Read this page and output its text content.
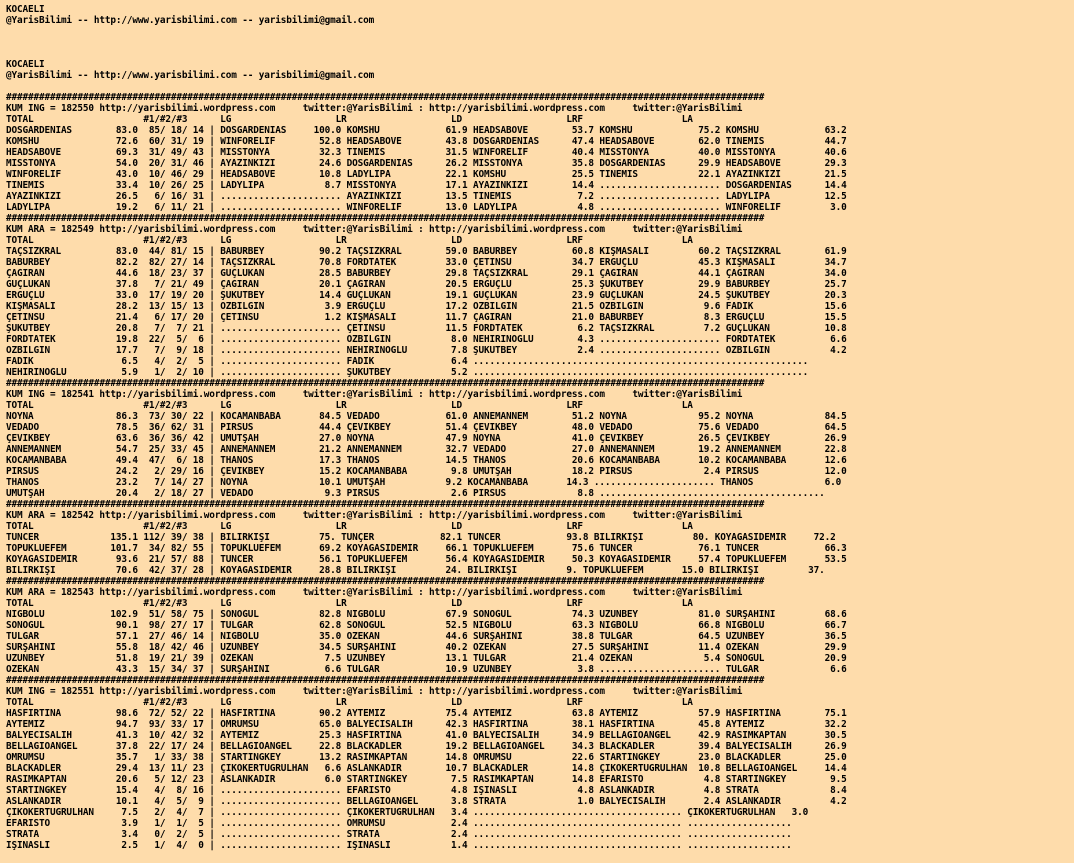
KOCAELI
@YarisBilimi -- http://www.yarisbilimi.com -- yarisbilimi@gmail.com
KOCAELI
@YarisBilimi -- http://www.yarisbilimi.com -- yarisbilimi@gmail.com
##########################################################################################################################################
KUM ING = 182550 http://yarisbilimi.wordpress.com     twitter:@YarisBilimi : http://yarisbilimi.wordpress.com     twitter:@YarisBilimi
TOTAL                    #1/#2/#3      LG                   LR                   LD                   LRF                  LA
DOSGARDENIAS        83.0  85/ 18/ 14 | DOSGARDENIAS     100.0 KOMSHU            61.9 HEADSABOVE        53.7 KOMSHU            75.2 KOMSHU            63.2
KOMSHU              72.6  60/ 31/ 19 | WINFORELIF        52.8 HEADSABOVE        43.8 DOSGARDENIAS      47.4 HEADSABOVE        62.0 TINEMIS           44.7
HEADSABOVE          69.3  31/ 49/ 43 | MISSTONYA         32.3 TINEMIS           31.5 WINFORELIF        40.4 MISSTONYA         40.0 MISSTONYA         40.6
MISSTONYA           54.0  20/ 31/ 46 | AYAZINKIZI        24.6 DOSGARDENIAS      26.2 MISSTONYA         35.8 DOSGARDENIAS      29.9 HEADSABOVE        29.3
WINFORELIF          43.0  10/ 46/ 29 | HEADSABOVE        10.8 LADYLIPA          22.1 KOMSHU            25.5 TINEMIS           22.1 AYAZINKIZI        21.5
TINEMIS             33.4  10/ 26/ 25 | LADYLIPA           8.7 MISSTONYA         17.1 AYAZINKIZI        14.4 ...................... DOSGARDENIAS      14.4
AYAZINKIZI          26.5   6/ 16/ 31 | ...................... AYAZINKIZI        13.5 TINEMIS            7.2 ...................... LADYLIPA          12.5
LADYLIPA            19.2   6/ 11/ 21 | ...................... WINFORELIF        13.0 LADYLIPA           4.8 ...................... WINFORELIF         3.0
##########################################################################################################################################
KUM ARA = 182549 http://yarisbilimi.wordpress.com     twitter:@YarisBilimi : http://yarisbilimi.wordpress.com     twitter:@YarisBilimi
TOTAL                    #1/#2/#3      LG                   LR                   LD                   LRF                  LA
TAÇSIZKRAL          83.0  44/ 81/ 15 | BABÜRBEY          90.2 TAÇSIZKRAL        59.0 BABÜRBEY          60.8 KIŞMASALI         60.2 TAÇSIZKRAL        61.9
BABÜRBEY            82.2  82/ 27/ 14 | TAÇSIZKRAL        70.8 FORDTATEK         33.0 ÇETİNSU           34.7 ERGÜÇLÜ           45.3 KIŞMASALI         34.7
ÇAĞIRAN             44.6  18/ 23/ 37 | GÜÇLÜKAN          28.5 BABÜRBEY          29.8 TAÇSIZKRAL        29.1 ÇAĞIRAN           44.1 ÇAĞIRAN           34.0
GÜÇLÜKAN            37.8   7/ 21/ 49 | ÇAĞIRAN           20.1 ÇAĞIRAN           20.5 ERGÜÇLÜ           25.3 ŞUKUTBEY          29.9 BABÜRBEY          25.7
ERGÜÇLÜ             33.0  17/ 19/ 20 | ŞUKUTBEY          14.4 GÜÇLÜKAN          19.1 GÜÇLÜKAN          23.9 GÜÇLÜKAN          24.5 ŞUKUTBEY          20.3
KIŞMASALI           28.2  13/ 15/ 13 | ÖZBİLGİN           3.9 ERGÜÇLÜ           17.2 ÖZBİLGİN          21.5 ÖZBİLGİN           9.6 FADİK             15.6
ÇETİNSU             21.4   6/ 17/ 20 | ÇETİNSU            1.2 KIŞMASALI         11.7 ÇAĞIRAN           21.0 BABÜRBEY           8.3 ERGÜÇLÜ           15.5
ŞUKUTBEY            20.8   7/  7/ 21 | ...................... ÇETİNSU           11.5 FORDTATEK          6.2 TAÇSIZKRAL         7.2 GÜÇLÜKAN          10.8
FORDTATEK           19.8  22/  5/  6 | ...................... ÖZBİLGİN           8.0 NEHİRİNOĞLU        4.3 ...................... FORDTATEK          6.6
ÖZBİLGİN            17.7   7/  9/ 18 | ...................... NEHİRİNOĞLU        7.8 ŞUKUTBEY           2.4 ...................... ÖZBİLGİN           4.2
FADİK                6.5   4/  2/  5 | ...................... FADİK              6.4 .............................................................
NEHİRİNOĞLU          5.9   1/  2/ 10 | ...................... ŞUKUTBEY           5.2 .............................................................
##########################################################################################################################################
KUM ING = 182541 http://yarisbilimi.wordpress.com     twitter:@YarisBilimi : http://yarisbilimi.wordpress.com     twitter:@YarisBilimi
TOTAL                    #1/#2/#3      LG                   LR                   LD                   LRF                  LA
NOYNA               86.3  73/ 30/ 22 | KOCAMANBABA       84.5 VEDADO            61.0 ANNEMANNEM        51.2 NOYNA             95.2 NOYNA             84.5
VEDADO              78.5  36/ 62/ 31 | PİRSUS            44.4 ÇEVİKBEY          51.4 ÇEVİKBEY          48.0 VEDADO            75.6 VEDADO            64.5
ÇEVİKBEY            63.6  36/ 36/ 42 | UMUTŞAH           27.0 NOYNA             47.9 NOYNA             41.0 ÇEVİKBEY          26.5 ÇEVİKBEY          26.9
ANNEMANNEM          54.7  25/ 33/ 45 | ANNEMANNEM        21.2 ANNEMANNEM        32.7 VEDADO            27.0 ANNEMANNEM        19.2 ANNEMANNEM        22.8
KOCAMANBABA         49.4  47/  6/ 18 | THANOS            17.3 THANOS            14.5 THANOS            20.6 KOCAMANBABA       10.2 KOCAMANBABA       12.6
PİRSUS              24.2   2/ 29/ 16 | ÇEVİKBEY          15.2 KOCAMANBABA        9.8 UMUTŞAH           18.2 PİRSUS             2.4 PİRSUS            12.0
THANOS              23.2   7/ 14/ 27 | NOYNA             10.1 UMUTŞAH           9.2 KOCAMANBABA       14.3 ...................... THANOS             6.0
UMUTŞAH             20.4   2/ 18/ 27 | VEDADO             9.3 PİRSUS             2.6 PİRSUS             8.8 .........................................
##########################################################################################################################################
KUM ARA = 182542 http://yarisbilimi.wordpress.com     twitter:@YarisBilimi : http://yarisbilimi.wordpress.com     twitter:@YarisBilimi
TOTAL                    #1/#2/#3      LG                   LR                   LD                   LRF                  LA
TUNCER             135.1 112/ 39/ 38 | BİLİRKİŞİ         75. TUNÇER            82.1 TUNCER            93.8 BİLİRKİŞİ         80. KOYAGASIDEMİR     72.2
TOPUKLUEFEM        101.7  34/ 82/ 55 | TOPUKLUEFEM       69.2 KOYAGASIDEMİR     66.1 TOPUKLUEFEM       75.6 TUNCER            76.1 TUNCER            66.3
KOYAGASIDEMİR       93.6  21/ 57/ 88 | TUNCER            56.1 TOPUKLUEFEM       56.4 KOYAGASIDEMİR     50.3 KOYAGASIDEMİR     57.4 TOPUKLUEFEM       53.5
BİLİRKİŞİ           70.6  42/ 37/ 28 | KOYAGASIDEMİR     28.8 BİLİRKİŞİ         24. BİLİRKİŞİ         9. TOPUKLUEFEM       15.0 BİLİRKİŞİ         37.
##########################################################################################################################################
KUM ARA = 182543 http://yarisbilimi.wordpress.com     twitter:@YarisBilimi : http://yarisbilimi.wordpress.com     twitter:@YarisBilimi
TOTAL                    #1/#2/#3      LG                   LR                   LD                   LRF                  LA
NIGBOLU            102.9  51/ 58/ 75 | SONOĞUL           82.8 NIGBOLU           67.9 SONOĞUL           74.3 UZUNBEY           81.0 SURŞAHİNİ         68.6
SONOĞUL             90.1  98/ 27/ 17 | TULGAR            62.8 SONOĞUL           52.5 NIGBOLU           63.3 NIGBOLU           66.8 NIGBOLU           66.7
TULGAR              57.1  27/ 46/ 14 | NIGBOLU           35.0 ÖZEKAN            44.6 SURŞAHİNİ         38.8 TULGAR            64.5 UZUNBEY           36.5
SURŞAHİNİ           55.8  18/ 42/ 46 | UZUNBEY           34.5 SURŞAHİNİ         40.2 ÖZEKAN            27.5 SURŞAHİNİ         11.4 ÖZEKAN            29.9
UZUNBEY             51.8  19/ 21/ 39 | ÖZEKAN             7.5 UZUNBEY           13.1 TULGAR            21.4 ÖZEKAN             5.4 SONOGUL           20.9
ÖZEKAN              43.3  15/ 34/ 37 | SURŞAHİNİ          6.6 TULGAR            10.9 UZUNBEY            3.8 ...................... TULGAR             6.6
##########################################################################################################################################
KUM ING = 182551 http://yarisbilimi.wordpress.com     twitter:@YarisBilimi : http://yarisbilimi.wordpress.com     twitter:@YarisBilimi
TOTAL                    #1/#2/#3      LG                   LR                   LD                   LRF                  LA
HASFIRTINA          98.6  72/ 52/ 22 | HASFIRTINA        90.2 AYTEMİZ           75.4 AYTEMİZ           63.8 AYTEMİZ           57.9 HASFIRTINA        75.1
AYTEMİZ             94.7  93/ 33/ 17 | OMRUMSU           65.0 BALYECİSALİH      42.3 HASFIRTINA        38.1 HASFIRTINA        45.8 AYTEMİZ           32.2
BALYECİSALİH        41.3  10/ 42/ 32 | AYTEMİZ           25.3 HASFIRTINA        41.0 BALYECİSALİH      34.9 BELLAGIOANGEL     42.9 RASIMKAPTAN       30.5
BELLAGIOANGEL       37.8  22/ 17/ 24 | BELLAGIOANGEL     22.8 BLACKADLER        19.2 BELLAGIOANGEL     34.3 BLACKADLER        39.4 BALYECİSALİH      26.9
OMRUMSU             35.7   1/ 33/ 38 | STARTINGKEY       13.2 RASIMKAPTAN       14.8 OMRUMSU           22.6 STARTINGKEY       23.0 BLACKADLER        25.0
BLACKADLER          29.4  13/ 11/ 23 | ÇIKOKERTUGRULHAN   6.6 ASLANKADİR        10.7 BLACKADLER        14.8 ÇIKOKERTUGRULHAN  10.8 BELLAGIOANGEL     14.4
RASIMKAPTAN         20.6   5/ 12/ 23 | ASLANKADİR         6.0 STARTINGKEY        7.5 RASIMKAPTAN       14.8 EFARİSTO           4.8 STARTINGKEY        9.5
STARTINGKEY         15.4   4/  8/ 16 | ...................... EFARİSTO           4.8 İŞİNASLI           4.8 ASLANKADİR         4.8 STRATA             8.4
ASLANKADİR          10.1   4/  5/  9 | ...................... BELLAGIOANGEL      3.8 STRATA             1.0 BALYECİSALİH       2.4 ASLANKADİR         4.2
ÇIKOKERTUGRULHAN     7.5   2/  4/  7 | ...................... ÇIKOKERTUGRULHAN   3.4 ...................................... ÇIKOKERTUGRULHAN   3.0
EFARİSTO             3.9   1/  1/  5 | ...................... OMRUMSU            2.4 ...................................... ...................
STRATA               3.4   0/  2/  5 | ...................... STRATA             2.4 ...................................... ...................
İŞİNASLI             2.5   1/  4/  0 | ...................... İŞİNASLI           1.4 ...................................... ...................
